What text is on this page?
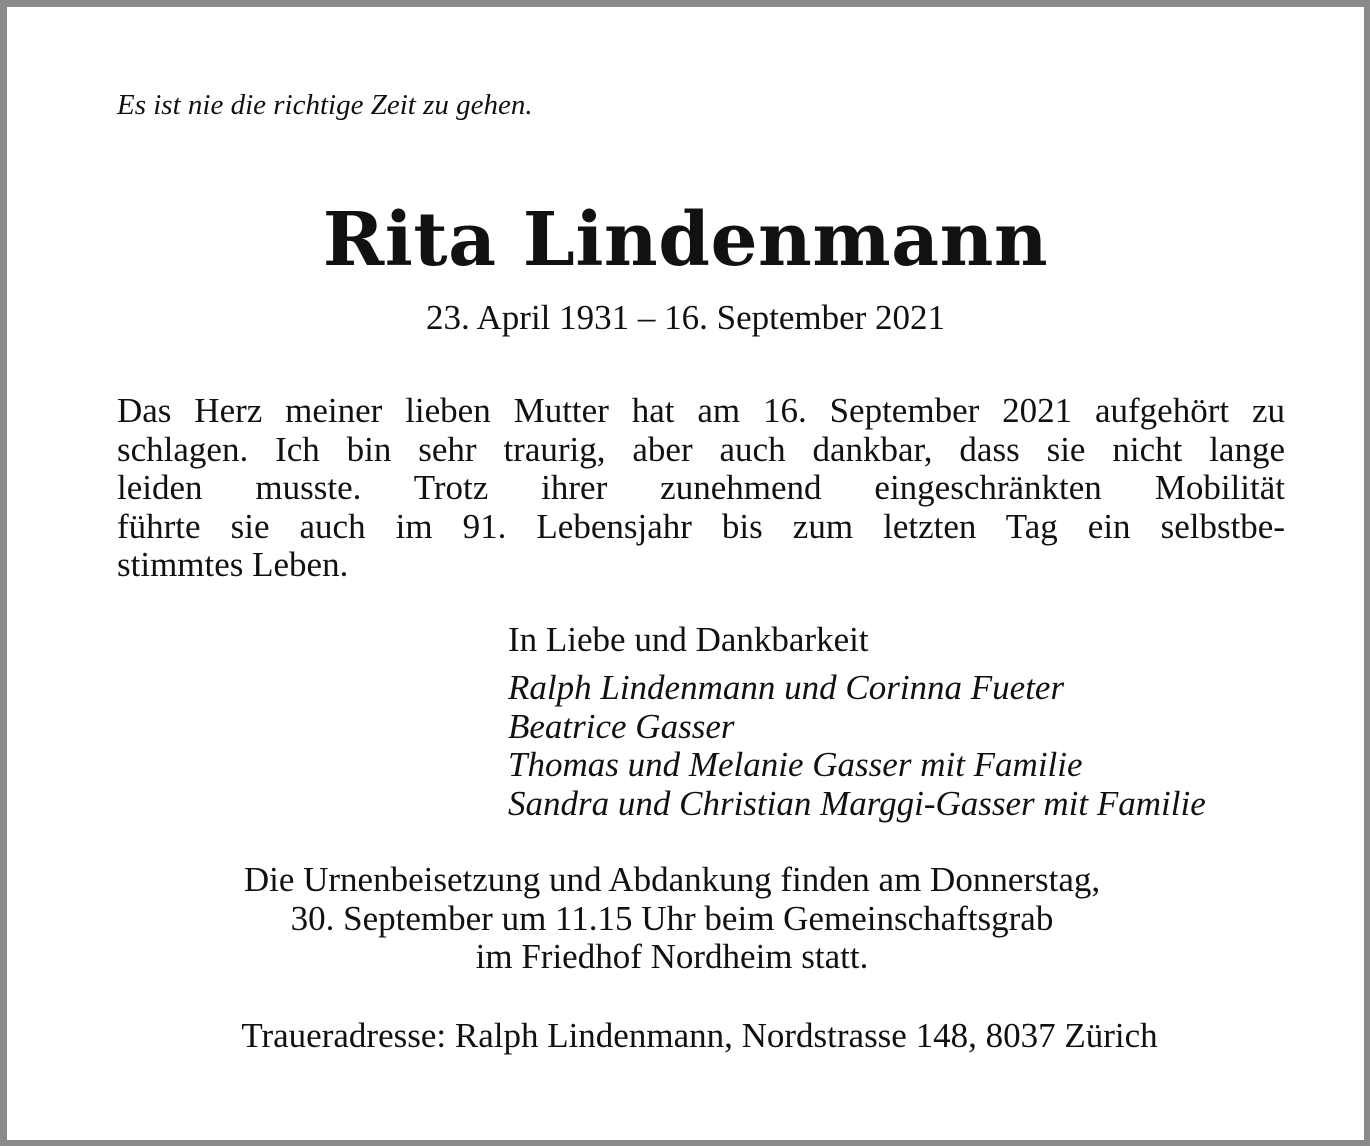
Es ist nie die richtige Zeit zu gehen.
Rita Lindenmann
23. April 1931 – 16. September 2021
Das Herz meiner lieben Mutter hat am 16. September 2021 aufgehört zu
schlagen. Ich bin sehr traurig, aber auch dankbar, dass sie nicht lange
leiden musste. Trotz ihrer zunehmend eingeschränkten Mobilität
führte sie auch im 91. Lebensjahr bis zum letzten Tag ein selbstbe-
stimmtes Leben.
In Liebe und Dankbarkeit
Ralph Lindenmann und Corinna Fueter
Beatrice Gasser
Thomas und Melanie Gasser mit Familie
Sandra und Christian Marggi-Gasser mit Familie
Die Urnenbeisetzung und Abdankung finden am Donnerstag,
30. September um 11.15 Uhr beim Gemeinschaftsgrab
im Friedhof Nordheim statt.
Traueradresse: Ralph Lindenmann, Nordstrasse 148, 8037 Zürich
